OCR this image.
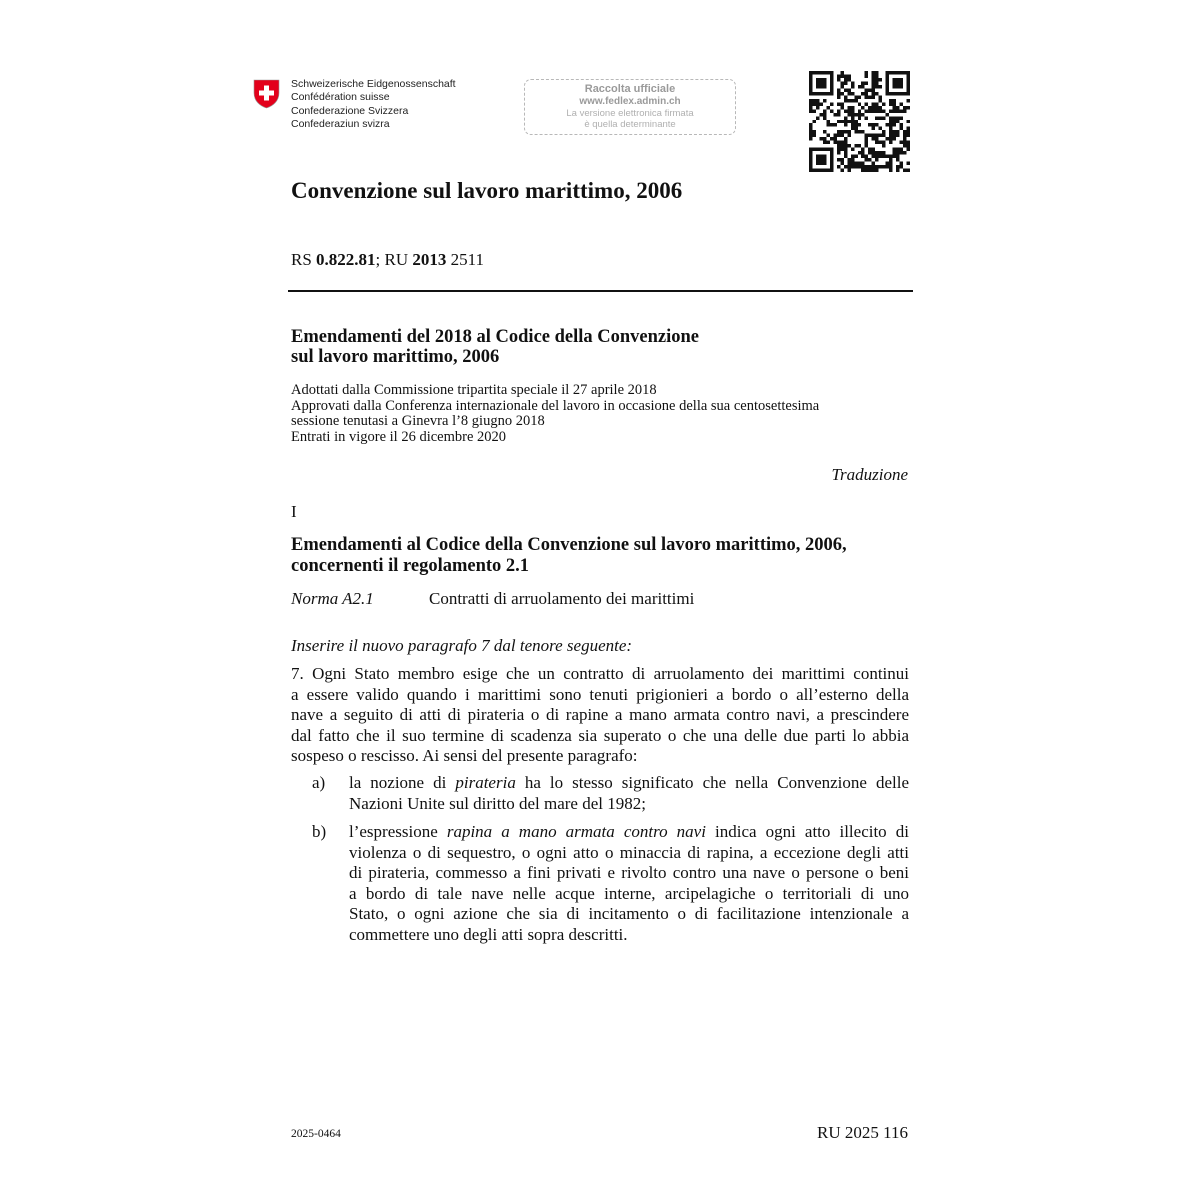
Schweizerische Eidgenossenschaft
Confédération suisse
Confederazione Svizzera
Confederaziun svizra
Raccolta ufficiale
www.fedlex.admin.ch
La versione elettronica firmata
è quella determinante
Convenzione sul lavoro marittimo, 2006
RS 0.822.81; RU 2013 2511
Emendamenti del 2018 al Codice della Convenzione
sul lavoro marittimo, 2006
Adottati dalla Commissione tripartita speciale il 27 aprile 2018
Approvati dalla Conferenza internazionale del lavoro in occasione della sua centosettesima
sessione tenutasi a Ginevra l’8 giugno 2018
Entrati in vigore il 26 dicembre 2020
Traduzione
I
Emendamenti al Codice della Convenzione sul lavoro marittimo, 2006,
concernenti il regolamento 2.1
Norma A2.1	Contratti di arruolamento dei marittimi
Inserire il nuovo paragrafo 7 dal tenore seguente:
7. Ogni Stato membro esige che un contratto di arruolamento dei marittimi continui
a essere valido quando i marittimi sono tenuti prigionieri a bordo o all’esterno della
nave a seguito di atti di pirateria o di rapine a mano armata contro navi, a prescindere
dal fatto che il suo termine di scadenza sia superato o che una delle due parti lo abbia
sospeso o rescisso. Ai sensi del presente paragrafo:
a) la nozione di pirateria ha lo stesso significato che nella Convenzione delle
Nazioni Unite sul diritto del mare del 1982;
b) l’espressione rapina a mano armata contro navi indica ogni atto illecito di
violenza o di sequestro, o ogni atto o minaccia di rapina, a eccezione degli atti
di pirateria, commesso a fini privati e rivolto contro una nave o persone o beni
a bordo di tale nave nelle acque interne, arcipelagiche o territoriali di uno
Stato, o ogni azione che sia di incitamento o di facilitazione intenzionale a
commettere uno degli atti sopra descritti.
2025-0464	RU 2025 116
